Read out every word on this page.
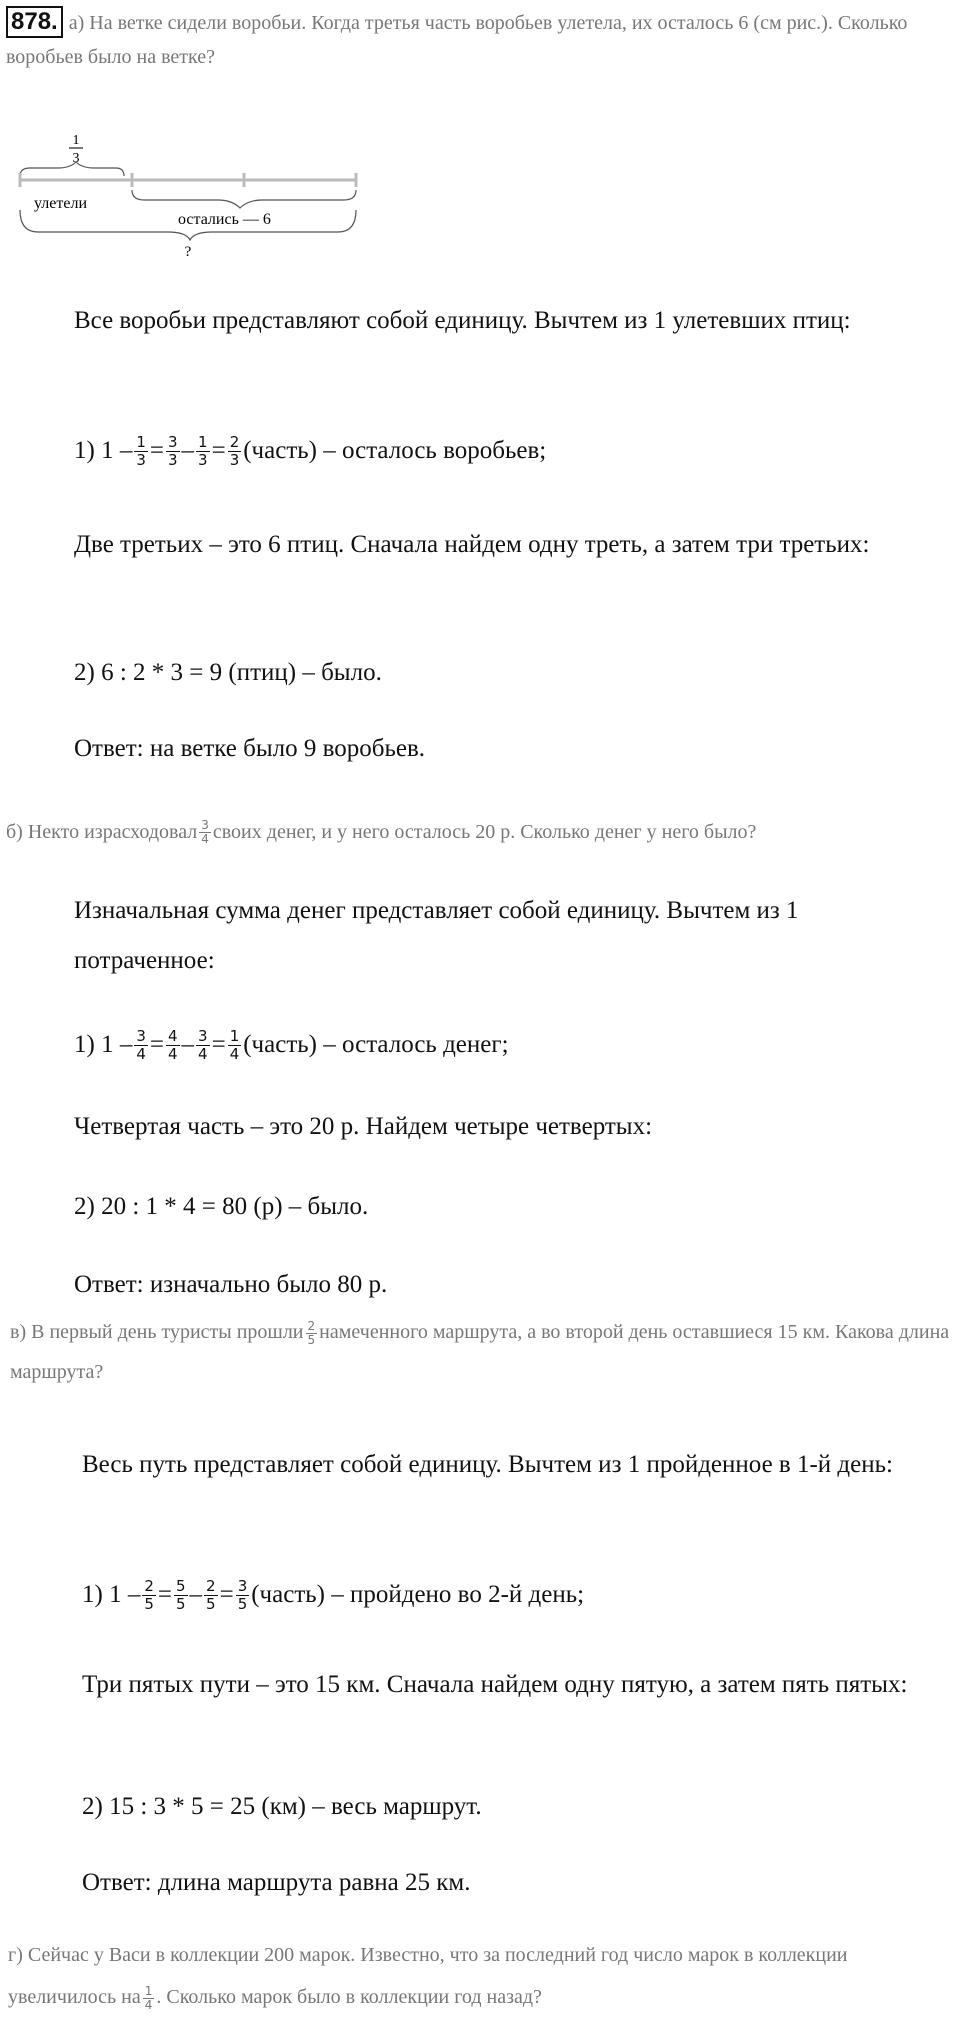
878. а) На ветке сидели воробьи. Когда третья часть воробьев улетела, их осталось 6 (см рис.). Сколько воробьев было на ветке?
1
3
улетели
остались — 6
?
Все воробьи представляют собой единицу. Вычтем из 1 улетевших птиц:
1) $1 - \frac{1}{3} = \frac{3}{3} - \frac{1}{3} = \frac{2}{3}$ (часть) – осталось воробьев;
Две третьих – это 6 птиц. Сначала найдем одну треть, а затем три третьих:
2) 6 : 2 * 3 = 9 (птиц) – было.
Ответ: на ветке было 9 воробьев.
б) Некто израсходовал $\frac{3}{4}$ своих денег, и у него осталось 20 р. Сколько денег у него было?
Изначальная сумма денег представляет собой единицу. Вычтем из 1 потраченное:
1) $1 - \frac{3}{4} = \frac{4}{4} - \frac{3}{4} = \frac{1}{4}$ (часть) – осталось денег;
Четвертая часть – это 20 р. Найдем четыре четвертых:
2) 20 : 1 * 4 = 80 (р) – было.
Ответ: изначально было 80 р.
в) В первый день туристы прошли $\frac{2}{5}$ намеченного маршрута, а во второй день оставшиеся 15 км. Какова длина маршрута?
Весь путь представляет собой единицу. Вычтем из 1 пройденное в 1-й день:
1) $1 - \frac{2}{5} = \frac{5}{5} - \frac{2}{5} = \frac{3}{5}$ (часть) – пройдено во 2-й день;
Три пятых пути – это 15 км. Сначала найдем одну пятую, а затем пять пятых:
2) 15 : 3 * 5 = 25 (км) – весь маршрут.
Ответ: длина маршрута равна 25 км.
г) Сейчас у Васи в коллекции 200 марок. Известно, что за последний год число марок в коллекции увеличилось на $\frac{1}{4}$ . Сколько марок было в коллекции год назад?
